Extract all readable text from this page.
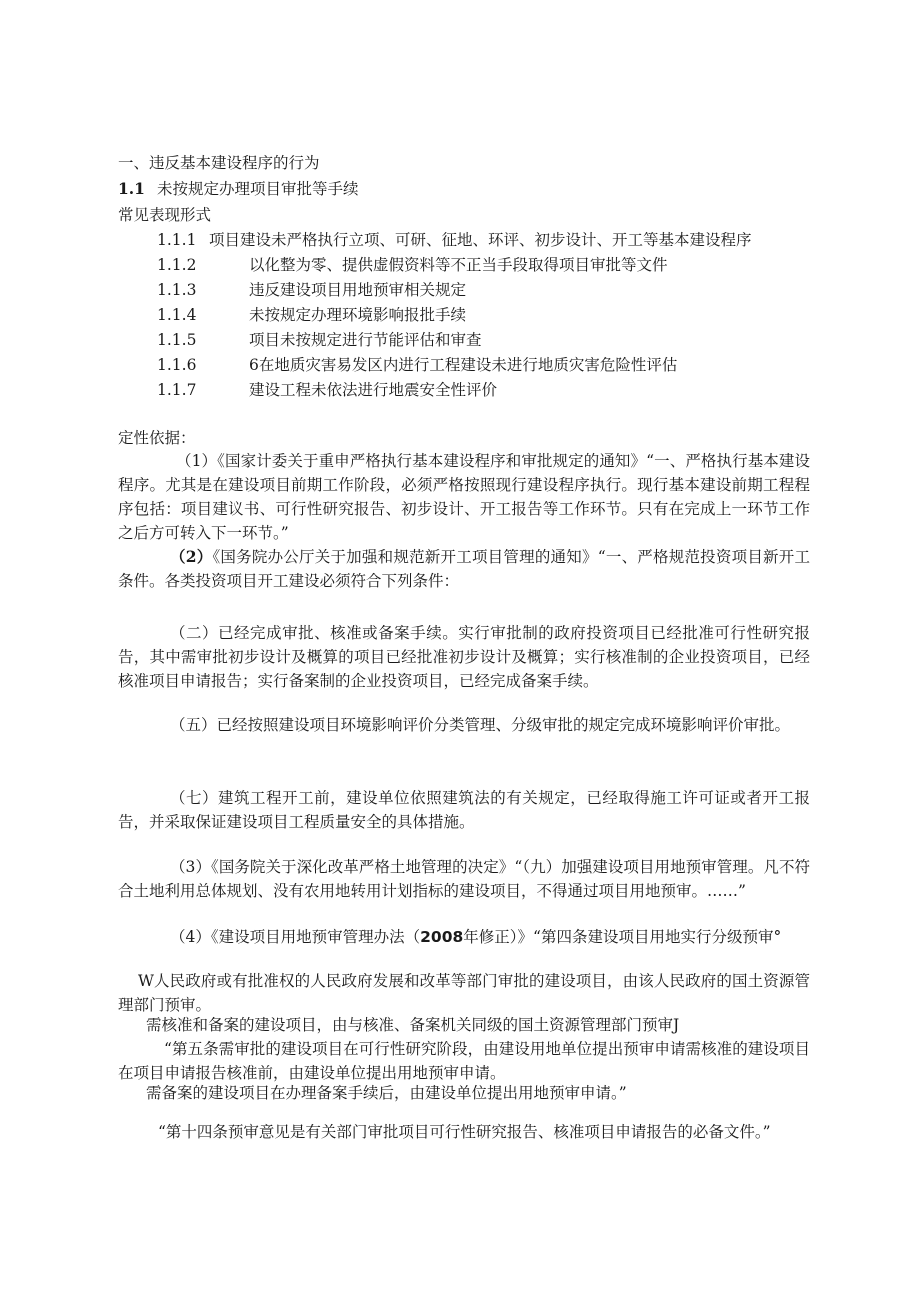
一、违反基本建设程序的行为
1.1 未按规定办理项目审批等手续
常见表现形式
1.1.1 项目建设未严格执行立项、可研、征地、环评、初步设计、开工等基本建设程序
1.1.2	以化整为零、提供虚假资料等不正当手段取得项目审批等文件
1.1.3	违反建设项目用地预审相关规定
1.1.4	未按规定办理环境影响报批手续
1.1.5	项目未按规定进行节能评估和审查
1.1.6	6在地质灾害易发区内进行工程建设未进行地质灾害危险性评估
1.1.7	建设工程未依法进行地震安全性评价
定性依据：
（1）《国家计委关于重申严格执行基本建设程序和审批规定的通知》“一、严格执行基本建设程序。尤其是在建设项目前期工作阶段，必须严格按照现行建设程序执行。现行基本建设前期工程程序包括：项目建议书、可行性研究报告、初步设计、开工报告等工作环节。只有在完成上一环节工作之后方可转入下一环节。”
（2）《国务院办公厅关于加强和规范新开工项目管理的通知》“一、严格规范投资项目新开工条件。各类投资项目开工建设必须符合下列条件：
（二）已经完成审批、核准或备案手续。实行审批制的政府投资项目已经批准可行性研究报告，其中需审批初步设计及概算的项目已经批准初步设计及概算；实行核准制的企业投资项目，已经核准项目申请报告；实行备案制的企业投资项目，已经完成备案手续。
（五）已经按照建设项目环境影响评价分类管理、分级审批的规定完成环境影响评价审批。
（七）建筑工程开工前，建设单位依照建筑法的有关规定，已经取得施工许可证或者开工报告，并采取保证建设项目工程质量安全的具体措施。
（3）《国务院关于深化改革严格土地管理的决定》“（九）加强建设项目用地预审管理。凡不符合土地利用总体规划、没有农用地转用计划指标的建设项目，不得通过项目用地预审。……”
（4）《建设项目用地预审管理办法（2008年修正）》“第四条建设项目用地实行分级预审°
W人民政府或有批准权的人民政府发展和改革等部门审批的建设项目，由该人民政府的国土资源管理部门预审。
需核准和备案的建设项目，由与核准、备案机关同级的国土资源管理部门预审J
“第五条需审批的建设项目在可行性研究阶段，由建设用地单位提出预审申请需核准的建设项目在项目申请报告核准前，由建设单位提出用地预审申请。
需备案的建设项目在办理备案手续后，由建设单位提出用地预审申请。”
“第十四条预审意见是有关部门审批项目可行性研究报告、核准项目申请报告的必备文件。”
